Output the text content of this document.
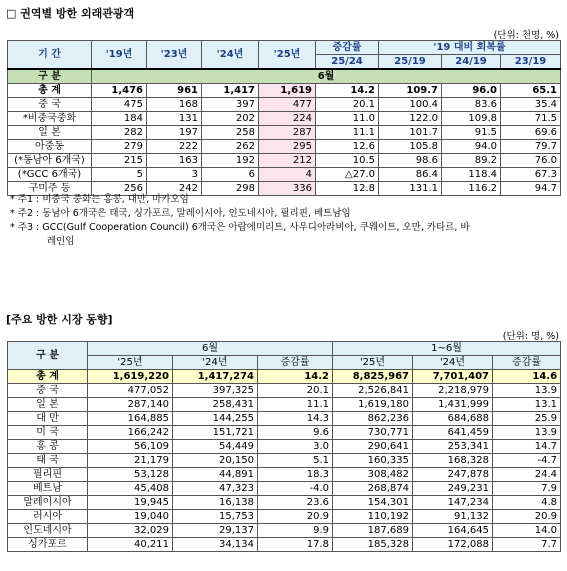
□ 권역별 방한 외래관광객
(단위: 천명, %)
기 간	'19년	'23년	'24년	'25년	증감률	'19 대비 회복률		
					25/24	25/19	24/19	23/19
구 분	6월							
총 계	1,476	961	1,417	1,619	14.2	109.7	96.0	65.1
중 국	475	168	397	477	20.1	100.4	83.6	35.4
*비중국중화	184	131	202	224	11.0	122.0	109.8	71.5
일 본	282	197	258	287	11.1	101.7	91.5	69.6
아중동	279	222	262	295	12.6	105.8	94.0	79.7
(*동남아 6개국)	215	163	192	212	10.5	98.6	89.2	76.0
(*GCC 6개국)	5	3	6	4	△27.0	86.4	118.4	67.3
구미주 등	256	242	298	336	12.8	131.1	116.2	94.7
* 주1 : 비중국 중화는 홍콩, 대만, 마카오임
* 주2 : 동남아 6개국은 태국, 싱가포르, 말레이시아, 인도네시아, 필리핀, 베트남임
* 주3 : GCC(Gulf Cooperation Council) 6개국은 아랍에미리트, 사우디아라비아, 쿠웨이트, 오만, 카타르, 바
레인임
[주요 방한 시장 동향]
(단위: 명, %)
구 분	6월			1~6월		
	'25년	'24년	증감률	'25년	'24년	증감률
총 계	1,619,220	1,417,274	14.2	8,825,967	7,701,407	14.6
중 국	477,052	397,325	20.1	2,526,841	2,218,979	13.9
일 본	287,140	258,431	11.1	1,619,180	1,431,999	13.1
대 만	164,885	144,255	14.3	862,236	684,688	25.9
미 국	166,242	151,721	9.6	730,771	641,459	13.9
홍 콩	56,109	54,449	3.0	290,641	253,341	14.7
태 국	21,179	20,150	5.1	160,335	168,328	-4.7
필리핀	53,128	44,891	18.3	308,482	247,878	24.4
베트남	45,408	47,323	-4.0	268,874	249,231	7.9
말레이시아	19,945	16,138	23.6	154,301	147,234	4.8
러시아	19,040	15,753	20.9	110,192	91,132	20.9
인도네시아	32,029	29,137	9.9	187,689	164,645	14.0
싱가포르	40,211	34,134	17.8	185,328	172,088	7.7
